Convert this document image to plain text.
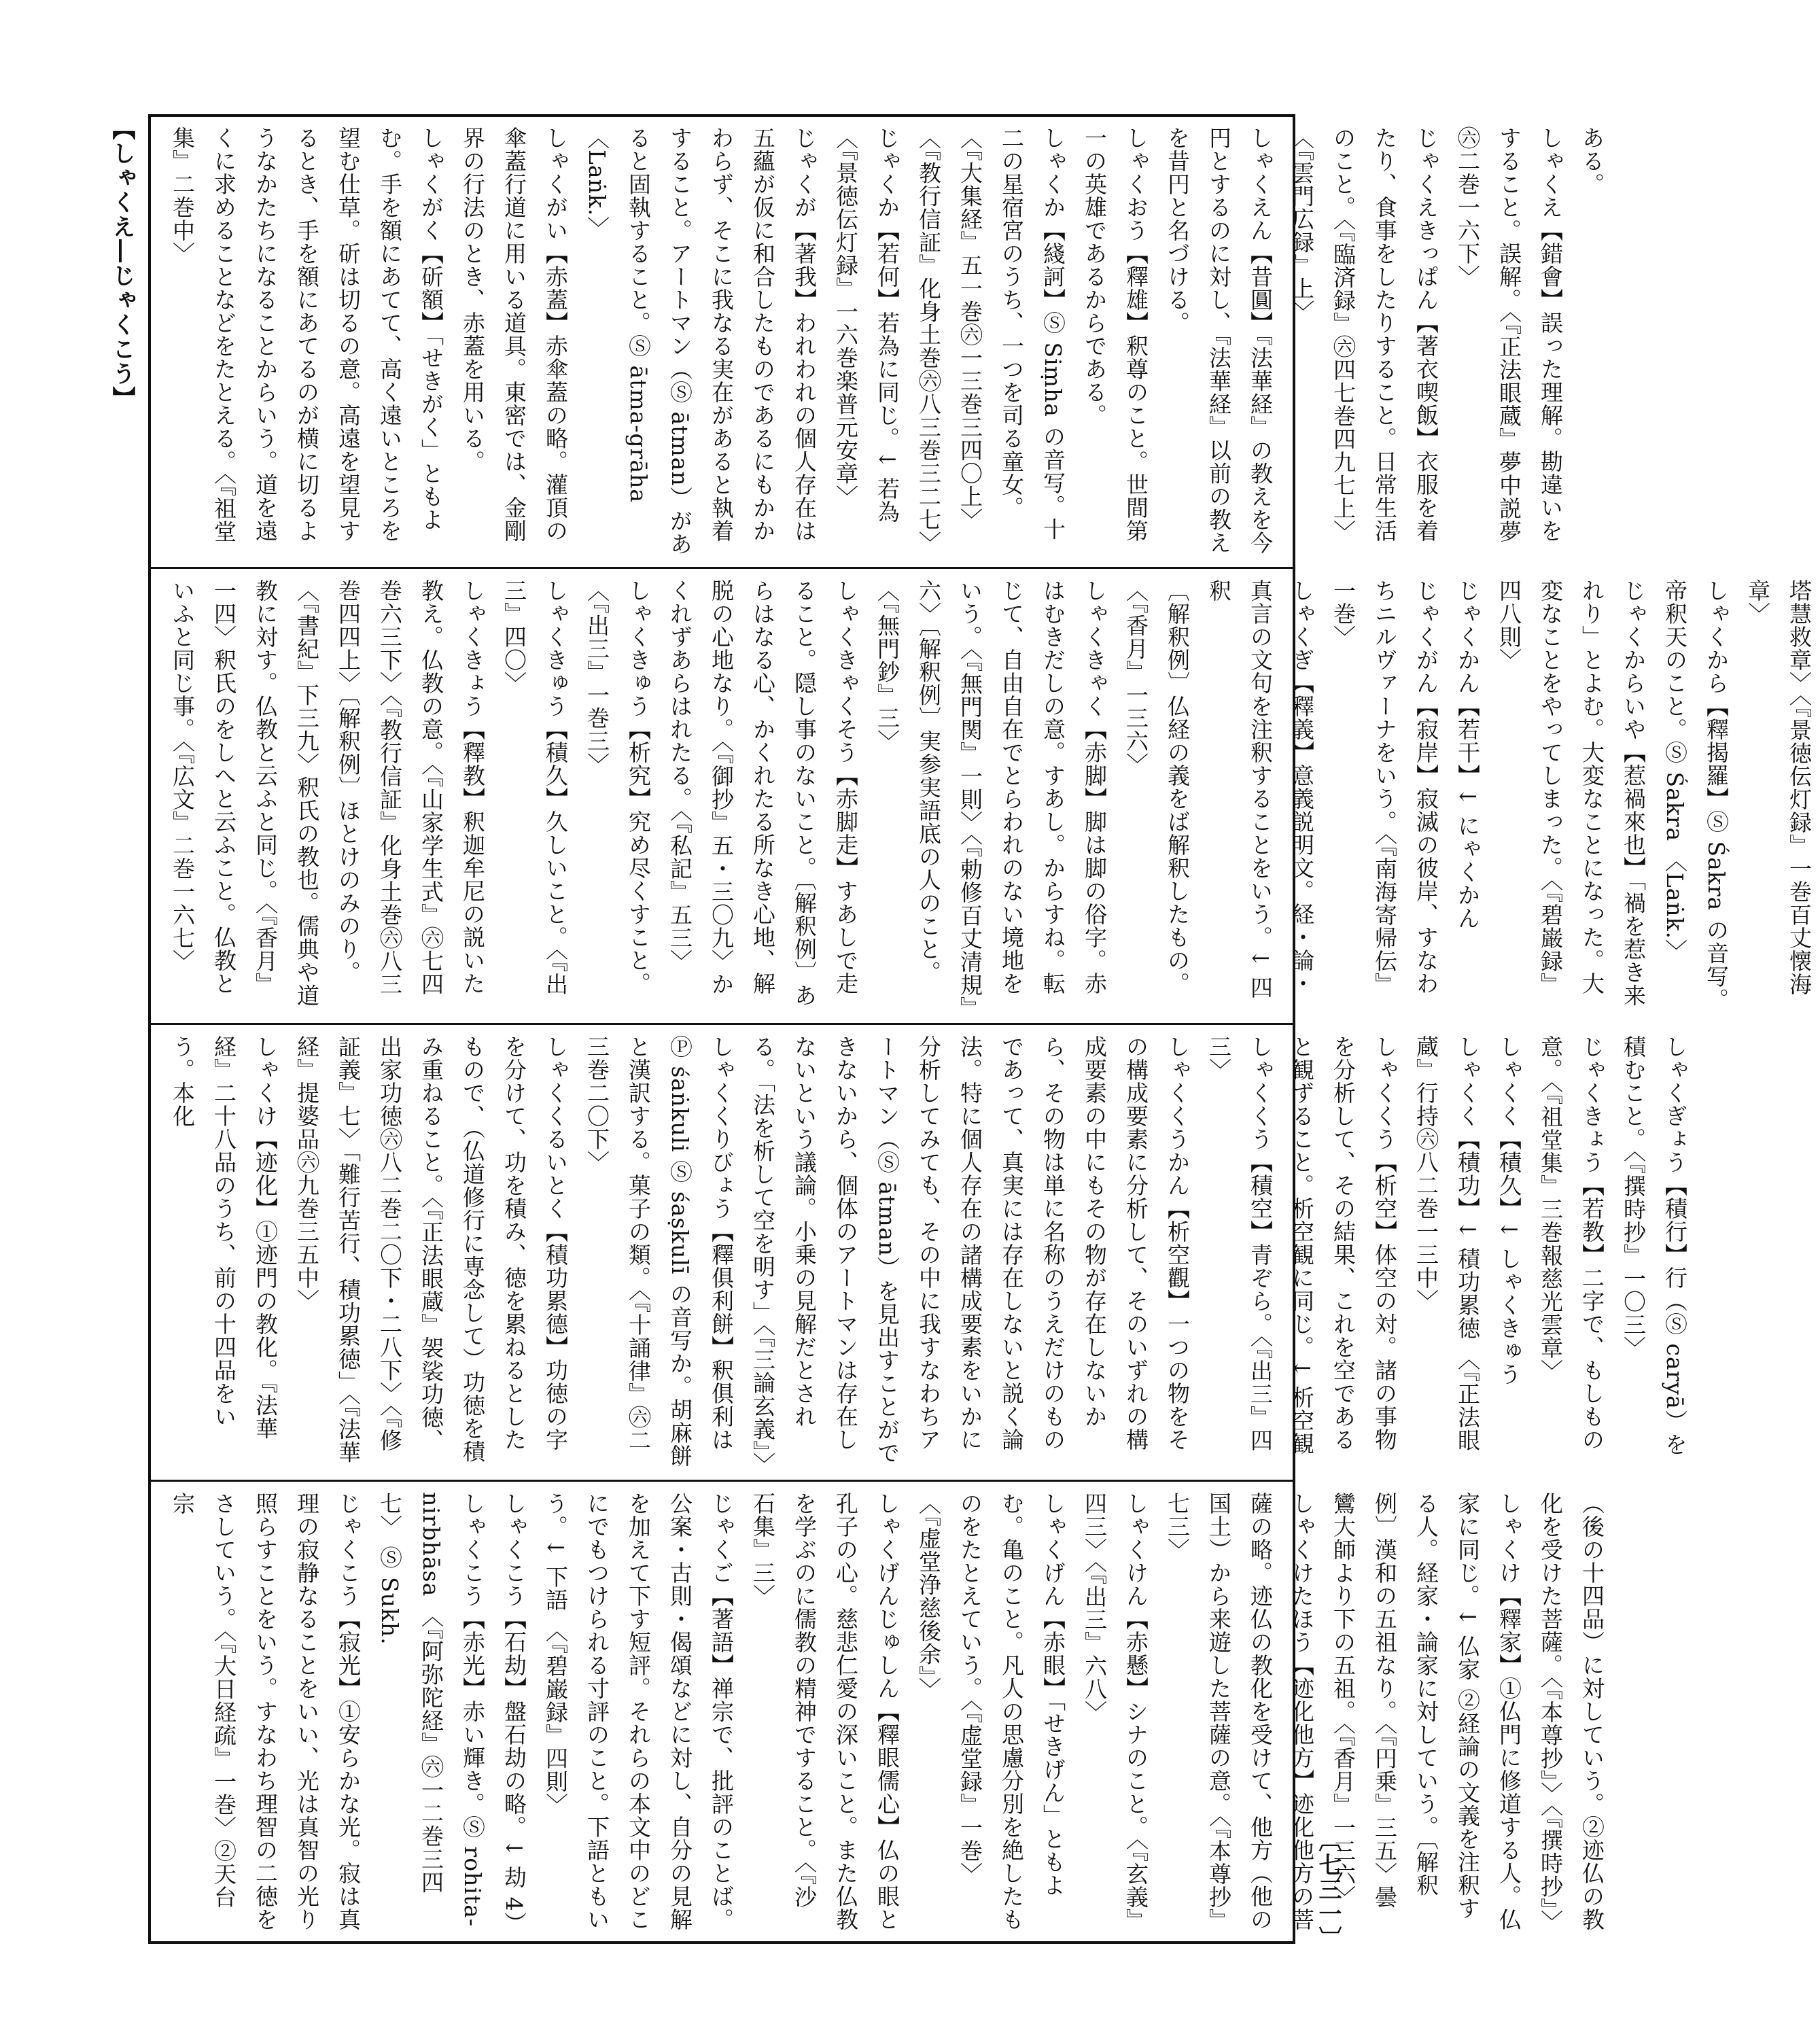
【しゃくえ―じゃくこう】
〔七三一〕
ある。
しゃくえ【錯會】誤った理解。勘違いをすること。誤解。〈『正法眼蔵』夢中説夢㊅二巻一六下〉
じゃくえきっぱん【著衣喫飯】衣服を着たり、食事をしたりすること。日常生活のこと。〈『臨済録』㊅四七巻四九七上〉〈『雲門広録』上〉
しゃくえん【昔圓】『法華経』の教えを今円とするのに対し、『法華経』以前の教えを昔円と名づける。
しゃくおう【釋雄】釈尊のこと。世間第一の英雄であるからである。
しゃくか【綫訶】Ⓢ Siṃha の音写。十二の星宿宮のうち、一つを司る童女。〈『大集経』五一巻㊅一三巻三四〇上〉〈『教行信証』化身土巻㊅八三巻三二七〉
じゃくか【若何】若為に同じ。↓ 若為
〈『景徳伝灯録』一六巻楽普元安章〉
じゃくが【著我】われわれの個人存在は五蘊が仮に和合したものであるにもかかわらず、そこに我なる実在があると執着すること。アートマン（Ⓢ ātman）があると固執すること。Ⓢ ātma-grāha 〈Laṅk.〉
しゃくがい【赤蓋】赤傘蓋の略。灌頂の傘蓋行道に用いる道具。東密では、金剛界の行法のとき、赤蓋を用いる。
しゃくがく【斫額】「せきがく」ともよむ。手を額にあてて、高く遠いところを望む仕草。斫は切るの意。高遠を望見するとき、手を額にあてるのが横に切るようなかたちになることからいう。道を遠くに求めることなどをたとえる。〈『祖堂集』二巻中〉
塔慧救章〉〈『景徳伝灯録』一巻百丈懐海章〉
しゃくから【釋揭羅】Ⓢ Śakra の音写。帝釈天のこと。Ⓢ Śakra 〈Laṅk.〉
じゃくからいや【惹禍來也】「禍を惹き来れり」とよむ。大変なことになった。大変なことをやってしまった。〈『碧巌録』四八則〉
じゃくかん【若干】↓ にゃくかん
じゃくがん【寂岸】寂滅の彼岸、すなわちニルヴァーナをいう。〈『南海寄帰伝』一巻〉
しゃくぎ【釋義】意義説明文。経・論・真言の文句を注釈することをいう。↓ 四釈
〔解釈例〕仏経の義をば解釈したもの。〈『香月』一三六〉
しゃくきゃく【赤脚】脚は脚の俗字。赤はむきだしの意。すあし。からすね。転じて、自由自在でとらわれのない境地をいう。〈『無門関』一則〉〈『勅修百丈清規』六〉〔解釈例〕実参実語底の人のこと。〈『無門鈔』三〉
しゃくきゃくそう【赤脚走】すあしで走ること。隠し事のないこと。〔解釈例〕あらはなる心、かくれたる所なき心地、解脱の心地なり。〈『御抄』五・三〇九〉かくれずあらはれたる。〈『私記』五三〉
しゃくきゅう【析究】究め尽くすこと。〈『出三』一巻三〉
しゃくきゅう【積久】久しいこと。〈『出三』四〇〉
しゃくきょう【釋教】釈迦牟尼の説いた教え。仏教の意。〈『山家学生式』㊅七四巻六三下〉〈『教行信証』化身土巻㊅八三巻四四上〉〔解釈例〕ほとけのみのり。〈『書紀』下三九〉釈氏の教也。儒典や道教に対す。仏教と云ふと同じ。〈『香月』一四〉釈氏のをしへと云ふこと。仏教といふと同じ事。〈『広文』二巻一六七〉
しゃくぎょう【積行】行（Ⓢ caryā）を積むこと。〈『撰時抄』一〇三〉
じゃくきょう【若教】二字で、もしもの意。〈『祖堂集』三巻報慈光雲章〉
しゃくく【積久】↓ しゃくきゅう
しゃくく【積功】↓ 積功累徳 〈『正法眼蔵』行持㊅八二巻一三中〉
しゃくくう【析空】体空の対。諸の事物を分析して、その結果、これを空であると観ずること。析空観に同じ。↓ 析空観
しゃくくう【積空】青ぞら。〈『出三』四三〉
しゃくくうかん【析空觀】一つの物をその構成要素に分析して、そのいずれの構成要素の中にもその物が存在しないから、その物は単に名称のうえだけのものであって、真実には存在しないと説く論法。特に個人存在の諸構成要素をいかに分析してみても、その中に我すなわちアートマン（Ⓢ ātman）を見出すことができないから、個体のアートマンは存在しないという議論。小乗の見解だとされる。「法を析して空を明す」〈『三論玄義』〉
しゃくくりびょう【釋俱利餅】釈俱利は Ⓟ śaṅkuli Ⓢ śaṣkulī の音写か。胡麻餅と漢訳する。菓子の類。〈『十誦律』㊅二三巻二〇下〉
しゃくくるいとく【積功累德】功徳の字を分けて、功を積み、徳を累ねるとしたもので、（仏道修行に専念して）功徳を積み重ねること。〈『正法眼蔵』袈裟功徳、出家功徳㊅八二巻二〇下・二八下〉〈『修証義』七〉「難行苦行、積功累徳」〈『法華経』提婆品㊅九巻三五中〉
しゃくけ【迹化】①迹門の教化。『法華経』二十八品のうち、前の十四品をいう。本化
（後の十四品）に対していう。②迹仏の教化を受けた菩薩。〈『本尊抄』〉〈『撰時抄』〉
しゃくけ【釋家】①仏門に修道する人。仏家に同じ。↓ 仏家 ②経論の文義を注釈する人。経家・論家に対していう。〔解釈例〕漢和の五祖なり。〈『円乗』三五〉曇鸞大師より下の五祖。〈『香月』一三六〉
しゃくけたほう【迹化他方】迹化他方の菩薩の略。迹仏の教化を受けて、他方（他の国土）から来遊した菩薩の意。〈『本尊抄』七三〉
しゃくけん【赤懸】シナのこと。〈『玄義』四三〉〈『出三』六八〉
しゃくげん【赤眼】「せきげん」ともよむ。亀のこと。凡人の思慮分別を絶したものをたとえていう。〈『虚堂録』一巻〉〈『虚堂浄慈後余』〉
しゃくげんじゅしん【釋眼儒心】仏の眼と孔子の心。慈悲仁愛の深いこと。また仏教を学ぶのに儒教の精神ですること。〈『沙石集』三〉
じゃくご【著語】禅宗で、批評のことば。公案・古則・偈頌などに対し、自分の見解を加えて下す短評。それらの本文中のどこにでもつけられる寸評のこと。下語ともいう。↓ 下語 〈『碧巌録』四則〉
しゃくこう【石劫】盤石劫の略。↓ 劫 4）
しゃくこう【赤光】赤い輝き。Ⓢ rohita-nirbhāsa 〈『阿弥陀経』㊅一二巻三四七〉 Ⓢ Sukh.
じゃくこう【寂光】①安らかな光。寂は真理の寂静なることをいい、光は真智の光り照らすことをいう。すなわち理智の二徳をさしていう。〈『大日経疏』一巻〉②天台宗
